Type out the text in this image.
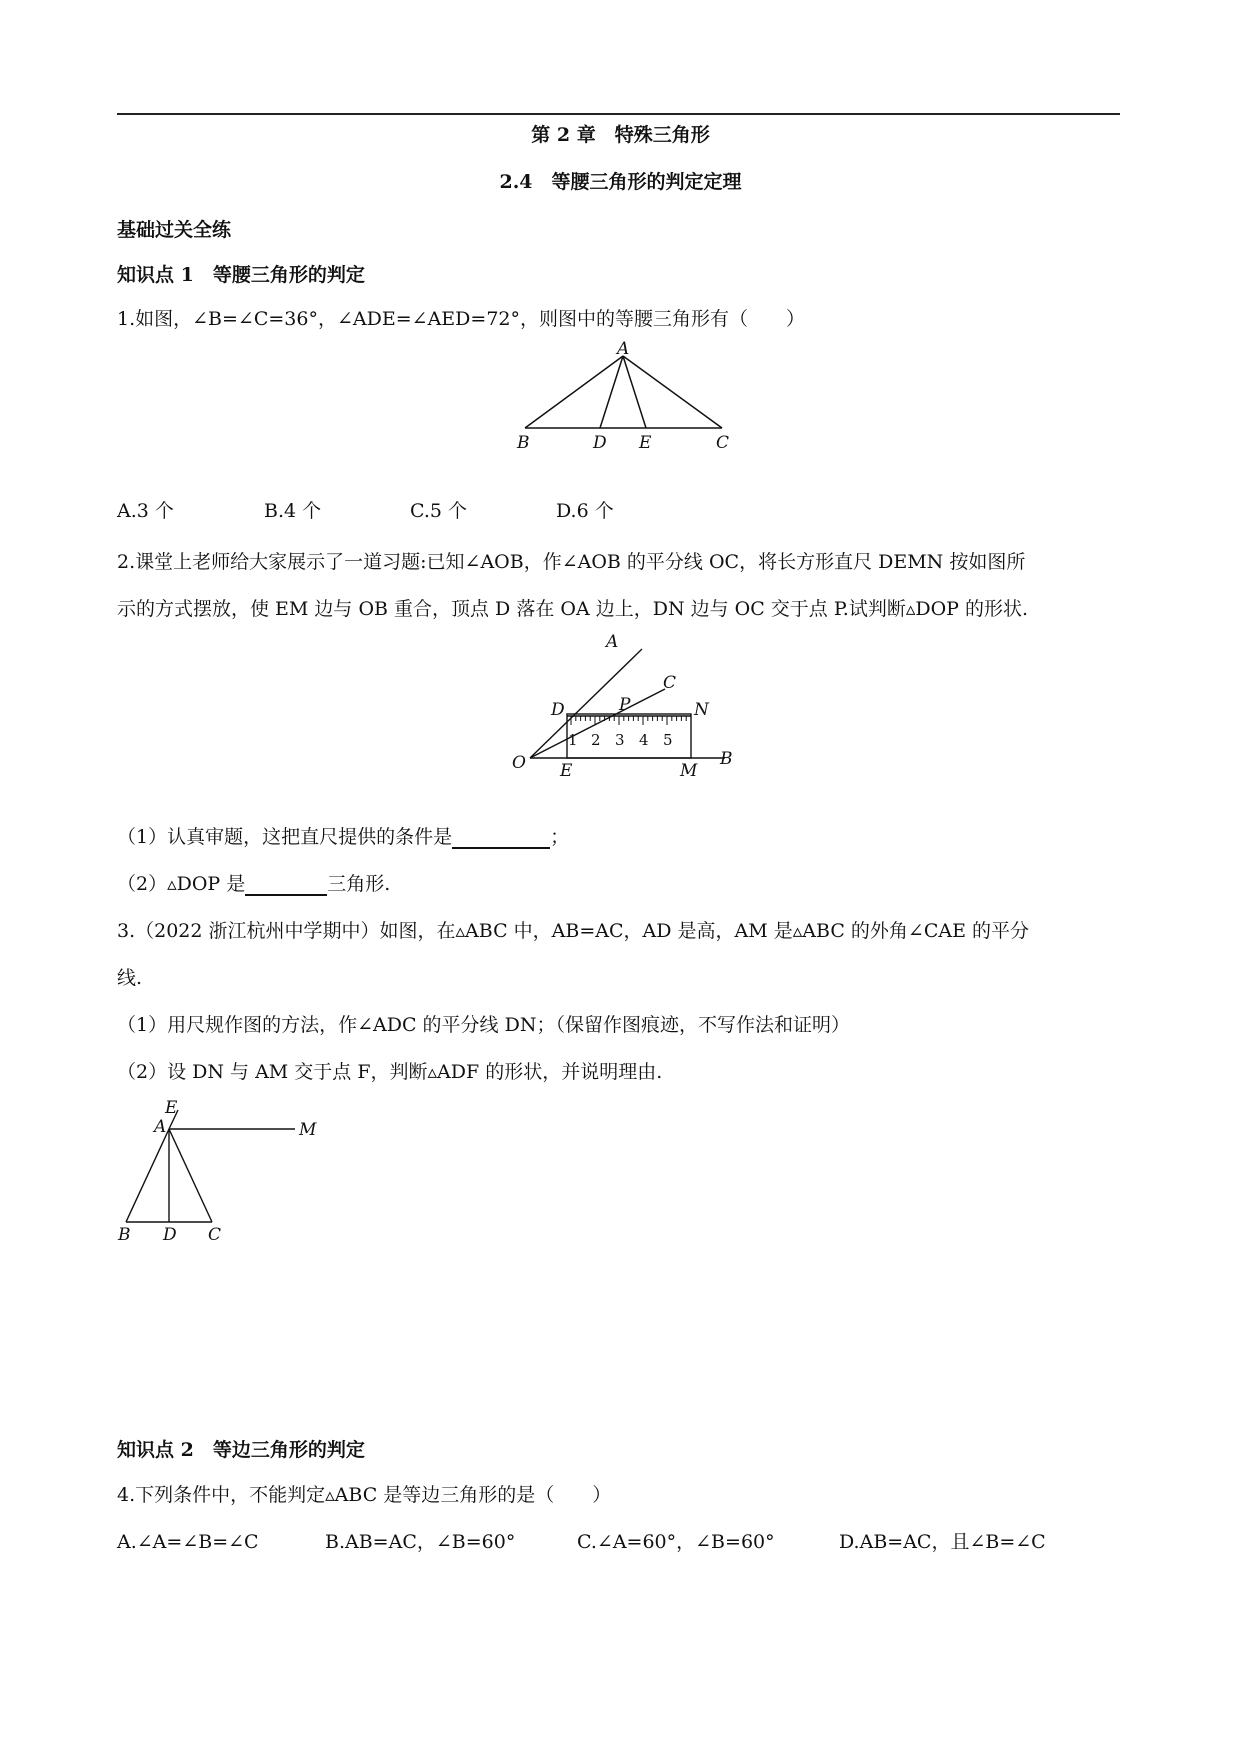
第 2 章　特殊三角形
2.4　等腰三角形的判定定理
基础过关全练
知识点 1　等腰三角形的判定
1.如图，∠B=∠C=36°，∠ADE=∠AED=72°，则图中的等腰三角形有（　　）
A
B	D E	C
A.3 个	B.4 个	C.5 个	D.6 个
2.课堂上老师给大家展示了一道习题:已知∠AOB，作∠AOB 的平分线 OC，将长方形直尺 DEMN 按如图所
示的方式摆放，使 EM 边与 OB 重合，顶点 D 落在 OA 边上，DN 边与 OC 交于点 P.试判断▵DOP 的形状.
1 2 3 4 5
A
C
D	P	N
O E	M
B
（1）认真审题，这把直尺提供的条件是	；
（2）▵DOP 是	三角形.
3.（2022 浙江杭州中学期中）如图，在▵ABC 中，AB=AC，AD 是高，AM 是▵ABC 的外角∠CAE 的平分
线.
（1）用尺规作图的方法，作∠ADC 的平分线 DN；（保留作图痕迹，不写作法和证明）
（2）设 DN 与 AM 交于点 F，判断▵ADF 的形状，并说明理由.
E
A	M
B D C
知识点 2　等边三角形的判定
4.下列条件中，不能判定▵ABC 是等边三角形的是（　　）
A.∠A=∠B=∠C	B.AB=AC，∠B=60°	C.∠A=60°，∠B=60°	D.AB=AC，且∠B=∠C
